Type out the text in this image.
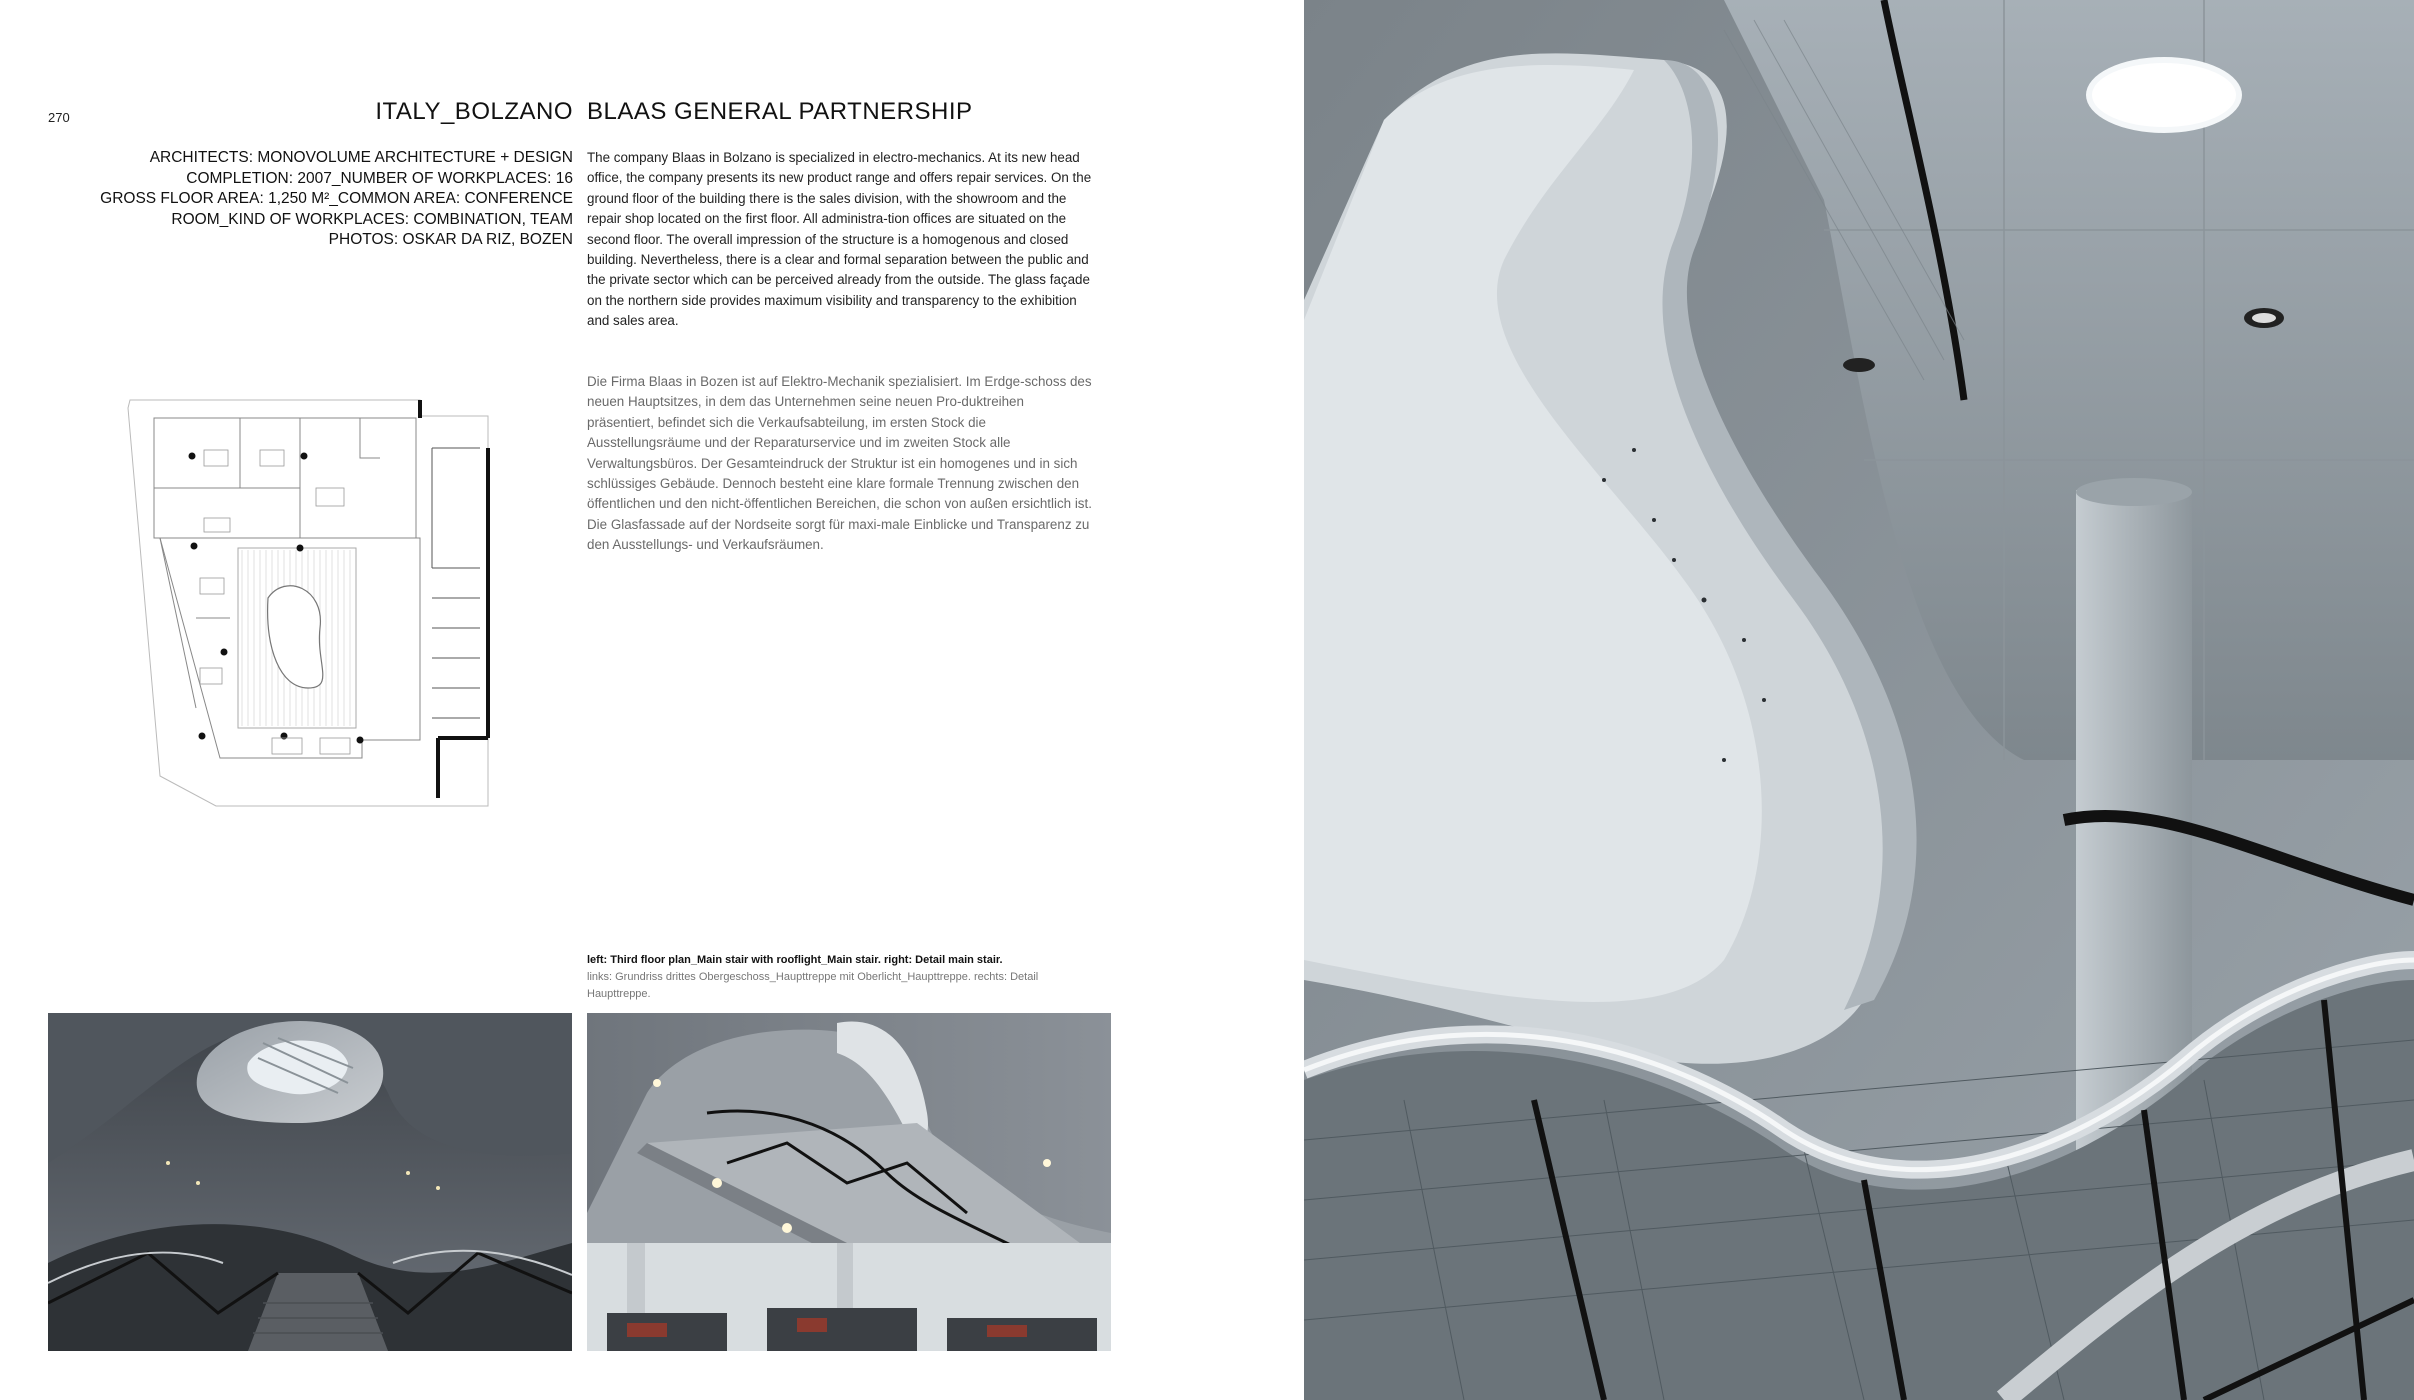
270	ITALY_BOLZANO BLAAS GENERAL PARTNERSHIP
ARCHITECTS: MONOVOLUME ARCHITECTURE + DESIGN
COMPLETION: 2007_NUMBER OF WORKPLACES: 16
GROSS FLOOR AREA: 1,250 M²_COMMON AREA: CONFERENCE
ROOM_KIND OF WORKPLACES: COMBINATION, TEAM
PHOTOS: OSKAR DA RIZ, BOZEN
The company Blaas in Bolzano is specialized in electro-mechanics. At its new head office, the company presents its new product range and offers repair services. On the ground floor of the building there is the sales division, with the showroom and the repair shop located on the first floor. All administra-tion offices are situated on the second floor. The overall impression of the structure is a homogenous and closed building. Nevertheless, there is a clear and formal separation between the public and the private sector which can be perceived already from the outside. The glass façade on the northern side provides maximum visibility and transparency to the exhibition and sales area.
Die Firma Blaas in Bozen ist auf Elektro-Mechanik spezialisiert. Im Erdge-schoss des neuen Hauptsitzes, in dem das Unternehmen seine neuen Pro-duktreihen präsentiert, befindet sich die Verkaufsabteilung, im ersten Stock die Ausstellungsräume und der Reparaturservice und im zweiten Stock alle Verwaltungsbüros. Der Gesamteindruck der Struktur ist ein homogenes und in sich schlüssiges Gebäude. Dennoch besteht eine klare formale Trennung zwischen den öffentlichen und den nicht-öffentlichen Bereichen, die schon von außen ersichtlich ist. Die Glasfassade auf der Nordseite sorgt für maxi-male Einblicke und Transparenz zu den Ausstellungs- und Verkaufsräumen.
left: Third floor plan_Main stair with rooflight_Main stair. right: Detail main stair.
links: Grundriss drittes Obergeschoss_Haupttreppe mit Oberlicht_Haupttreppe. rechts: Detail Haupttreppe.
